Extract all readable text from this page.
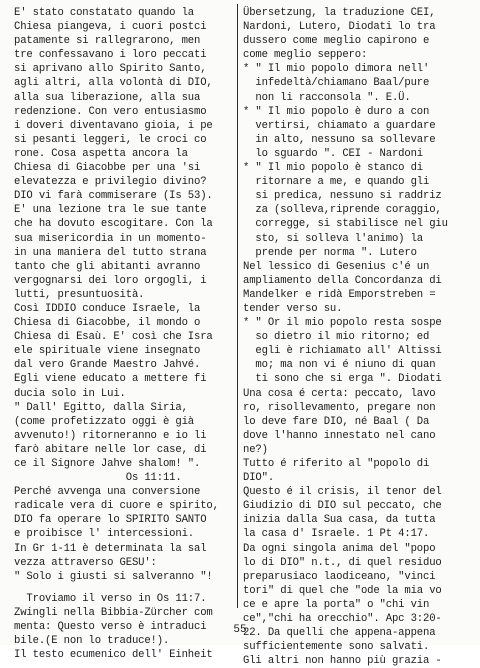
E' stato constatato quando la
Chiesa piangeva, i cuori postci
patamente si rallegrarono, men
tre confessavano i loro peccati
si aprivano allo Spirito Santo,
agli altri, alla volontà di DIO,
alla sua liberazione, alla sua
redenzione. Con vero entusiasmo
i doveri diventavano gioia, i pe
si pesanti leggeri, le croci co
rone. Cosa aspetta ancora la
Chiesa di Giacobbe per una 'si
elevatezza e privilegio divino?
DIO vi farà commiserare (Is 53).
E' una lezione tra le sue tante
che ha dovuto escogitare. Con la
sua misericordia in un momento-
in una maniera del tutto strana
tanto che gli abitanti avranno
vergognarsi dei loro orgogli, i
lutti, presuntuosità.
Così IDDIO conduce Israele, la
Chiesa di Giacobbe, il mondo o
Chiesa di Esaù. E' così che Isra
ele spirituale viene insegnato
dal vero Grande Maestro Jahvé.
Egli viene educato a mettere fi
ducia solo in Lui.
" Dall' Egitto, dalla Siria,
(come profetizzato oggi è già
avvenuto!) ritorneranno e io li
farò abitare nelle lor case, di
ce il Signore Jahve shalom! ".
Os 11:11.
Perché avvenga una conversione
radicale vera di cuore e spirito,
DIO fa operare lo SPIRITO SANTO
e proibisce l' intercessioni.
In Gr 1-11 è determinata la sal
vezza attraverso GESU':
" Solo i giusti si salveranno "!
Troviamo il verso in Os 11:7.
Zwingli nella Bibbia-Zürcher com
menta: Questo verso è intraduci
bile.(E non lo traduce!).
Il testo ecumenico dell' Einheit
Übersetzung, la traduzione CEI,
Nardoni, Lutero, Diodati lo tra
dussero come meglio capirono e
come meglio seppero:
* " Il mio popolo dimora nell'
infedeltà/chiamano Baal/pure
non li racconsola ". E.Ü.
* " Il mio popolo è duro a con
vertirsi, chiamato a guardare
in alto, nessuno sa sollevare
lo sguardo ". CEI - Nardoni
* " Il mio popolo è stanco di
ritornare a me, e quando gli
si predica, nessuno si raddriz
za (solleva,riprende coraggio,
corregge, si stabilisce nel giu
sto, si solleva l'animo) la
prende per norma ". Lutero
Nel lessico di Gesenius c'é un
ampliamento della Concordanza di
Mandelker e ridà Emporstreben =
tender verso su.
* " Or il mio popolo resta sospe
so dietro il mio ritorno; ed
egli è richiamato all' Altissi
mo; ma non vi é niuno di quan
ti sono che si erga ". Diodati
Una cosa é certa: peccato, lavo
ro, risollevamento, pregare non
lo deve fare DIO, né Baal ( Da
dove l'hanno innestato nel cano
ne?)
Tutto é riferito al "popolo di
DIO".
Questo é il crisis, il tenor del
Giudizio di DIO sul peccato, che
inizia dalla Sua casa, da tutta
la casa d' Israele. 1 Pt 4:17.
Da ogni singola anima del "popo
lo di DIO" n.t., di quel residuo
preparusiaco laodiceano, "vinci
tori" di quel che "ode la mia vo
ce e apre la porta" o "chi vin
ce","chi ha orecchio". Apc 3:20-
22. Da quelli che appena-appena
sufficientemente sono salvati.
Gli altri non hanno più grazia -
55
